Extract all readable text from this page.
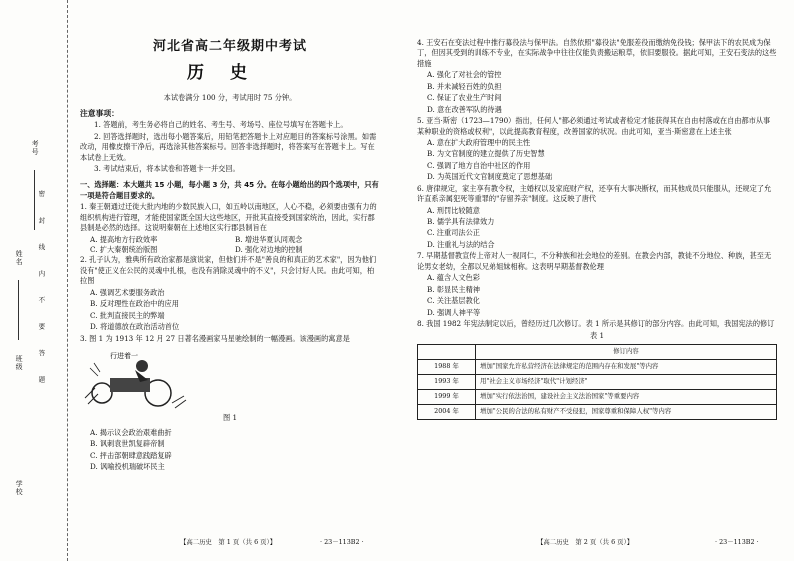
考号
姓名
班级
学校
密 封 线 内 不 要 答 题
河北省高二年级期中考试
历史

本试卷满分 100 分，考试用时 75 分钟。

注意事项：

1. 答题前，考生务必将自己的姓名、考生号、考场号、座位号填写在答题卡上。

2. 回答选择题时，选出每小题答案后，用铅笔把答题卡上对应题目的答案标号涂黑。如需改动，用橡皮擦干净后，再选涂其他答案标号。回答非选择题时，将答案写在答题卡上。写在本试卷上无效。

3. 考试结束后，将本试卷和答题卡一并交回。

一、选择题：本大题共 15 小题，每小题 3 分，共 45 分。在每小题给出的四个选项中，只有一项是符合题目要求的。

1. 秦王朝通过迁徙大批内地的少数民族入口，如五岭以南地区，人心不稳，必须要由强有力的组织机构进行管理，才能使国家既全国大这些地区，开批其直接受到国家统治，因此，实行郡县制是必然的选择。这说明秦朝在上述地区实行郡县制旨在

A. 提高地方行政效率	B. 增进华夏认同观念
C. 扩大秦朝统治版图	D. 强化对边地的控制

2. 孔子认为，雅典所有政治家都是演说家，但他们并不是"善良的和真正的艺术家"，因为他们没有"使正义在公民的灵魂中扎根，也没有消除灵魂中的不义"，只会讨好人民。由此可知，柏拉图

A. 强调艺术要服务政治

B. 反对理性在政治中的应用

C. 批判直接民主的弊端

D. 将道德放在政治活动首位

3. 图 1 为 1913 年 12 月 27 日著名漫画家马星驰绘制的一幅漫画。该漫画的寓意是

行进着一

图 1

A. 揭示议会政治艰难曲折

B. 讽刺袁世凯复辟帝制

C. 抨击部朝肆意践踏复辟

D. 讽喻投机瑞破坏民主

【高二历史　第 1 页（共 6 页）】	· 23－113B2 ·

4. 王安石在变法过程中推行募役法与保甲法。自然依照"募役法"免服差役而缴纳免役钱；保甲法下的农民成为保丁，但因其受到的训练不专业，在实际战争中往往仅能负责搬运粮草，依旧要服役。据此可知，王安石变法的这些措施

A. 强化了对社会的管控

B. 并未减轻百姓的负担

C. 保证了农业生产时间

D. 意在改善军队的待遇

5. 亚当·斯密（1723—1790）指出，任何人"都必须通过考试或者检定才能获得其在自由村落或在自由都市从事某种职业的资格或权利"，以此提高教育程度，改善国家的状况。由此可知，亚当·斯密意在上述主张

A. 意在扩大政府管理中的民主性

B. 为文官制度的建立提供了历史智慧

C. 强调了地方自治中社区的作用

D. 为英国近代文官制度奠定了思想基础

6. 唐律规定，家主享有教令权，主婚权以及家庭财产权，还享有大事决断权，而其他成员只能服从，还规定了允许直系亲属犯死等重罪的"存留养亲"制度。这反映了唐代

A. 刑罚比较随意

B. 儒学具有法律效力

C. 注重司法公正

D. 注重礼与法的结合

7. 早期基督教宣传上帝对人一视同仁，不分种族和社会地位的差别。在教会内部，教徒不分地位、种族，甚至无论男女老幼，全都以兄弟姐妹相称。这表明早期基督教伦理

A. 蕴含人文色彩

B. 彰显民主精神

C. 关注基层教化

D. 强调人神平等

8. 我国 1982 年宪法制定以后，曾经历过几次修订。表 1 所示是其修订的部分内容。由此可知，我国宪法的修订

表 1

	修订内容
1988 年	增加"国家允许私营经济在法律规定的范围内存在和发展"等内容
1993 年	用"社会主义市场经济"取代"计划经济"
1999 年	增加"实行依法治国，建设社会主义法治国家"等重要内容
2004 年	增加"公民的合法的私有财产不受侵犯，国家尊重和保障人权"等内容
【高二历史　第 2 页（共 6 页）】	· 23－113B2 ·
